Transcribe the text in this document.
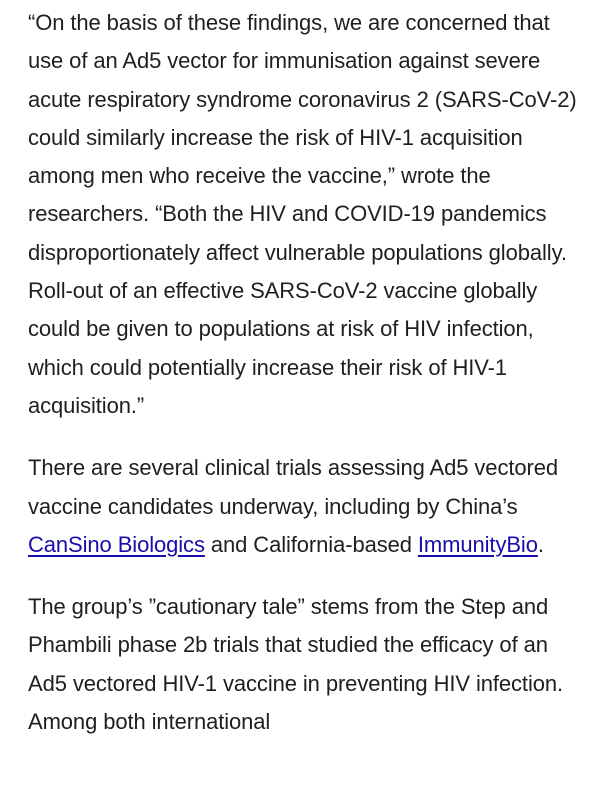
“On the basis of these findings, we are concerned that use of an Ad5 vector for immunisation against severe acute respiratory syndrome coronavirus 2 (SARS-CoV-2) could similarly increase the risk of HIV-1 acquisition among men who receive the vaccine,” wrote the researchers. “Both the HIV and COVID-19 pandemics disproportionately affect vulnerable populations globally. Roll-out of an effective SARS-CoV-2 vaccine globally could be given to populations at risk of HIV infection, which could potentially increase their risk of HIV-1 acquisition.”

There are several clinical trials assessing Ad5 vectored vaccine candidates underway, including by China’s CanSino Biologics and California-based ImmunityBio.

The group’s ”cautionary tale” stems from the Step and Phambili phase 2b trials that studied the efficacy of an Ad5 vectored HIV-1 vaccine in preventing HIV infection. Among both international
